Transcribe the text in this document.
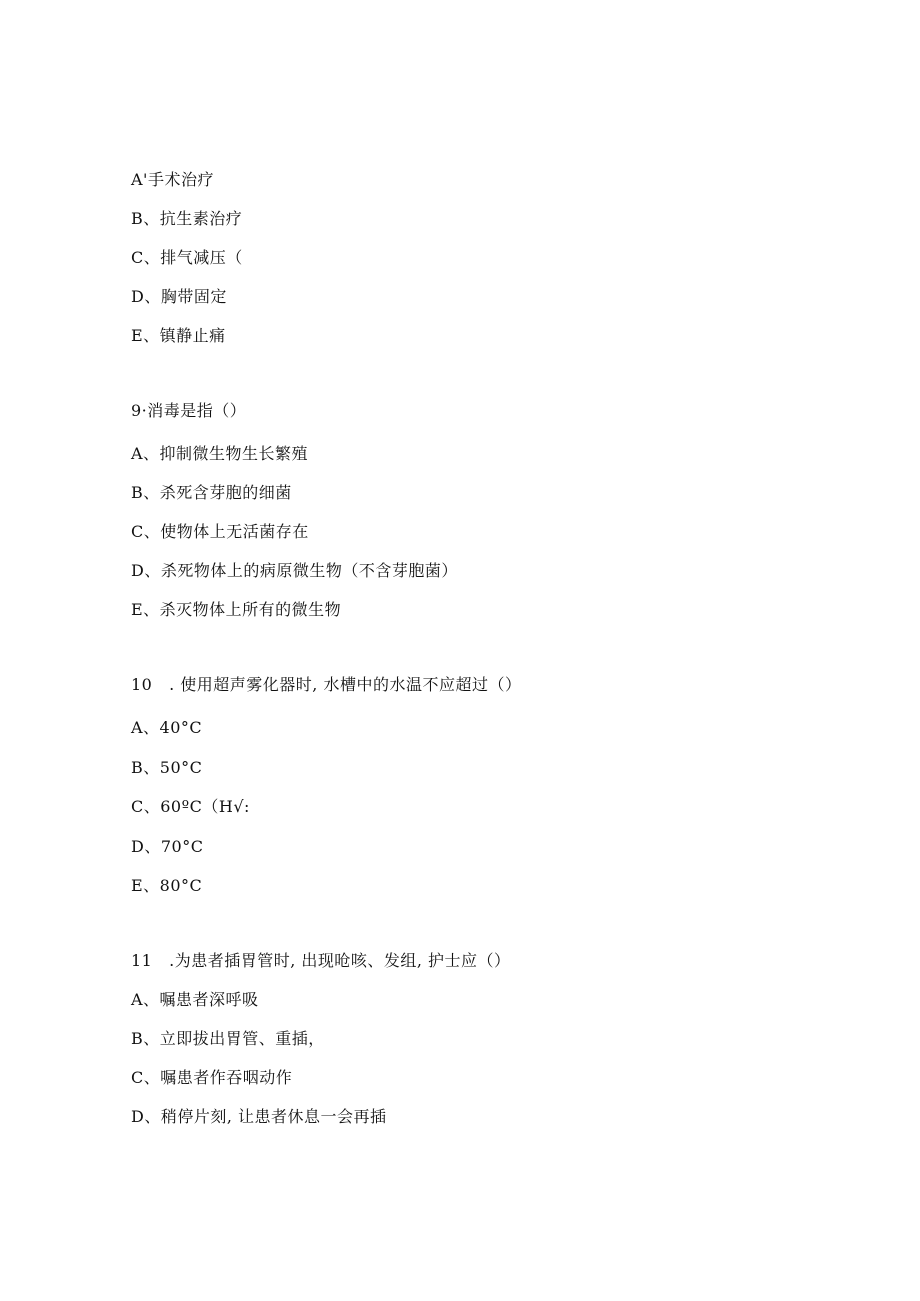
A'手术治疗
B、抗生素治疗
C、排气减压（
D、胸带固定
E、镇静止痛
9·消毒是指（）
A、抑制微生物生长繁殖
B、杀死含芽胞的细菌
C、使物体上无活菌存在
D、杀死物体上的病原微生物（不含芽胞菌）
E、杀灭物体上所有的微生物
10   . 使用超声雾化器时, 水槽中的水温不应超过（）
A、40°C
B、50°C
C、60ºC（H√:
D、70°C
E、80°C
11   .为患者插胃管时, 出现呛咳、发组, 护士应（）
A、嘱患者深呼吸
B、立即拔出胃管、重插，
C、嘱患者作吞咽动作
D、稍停片刻, 让患者休息一会再插
